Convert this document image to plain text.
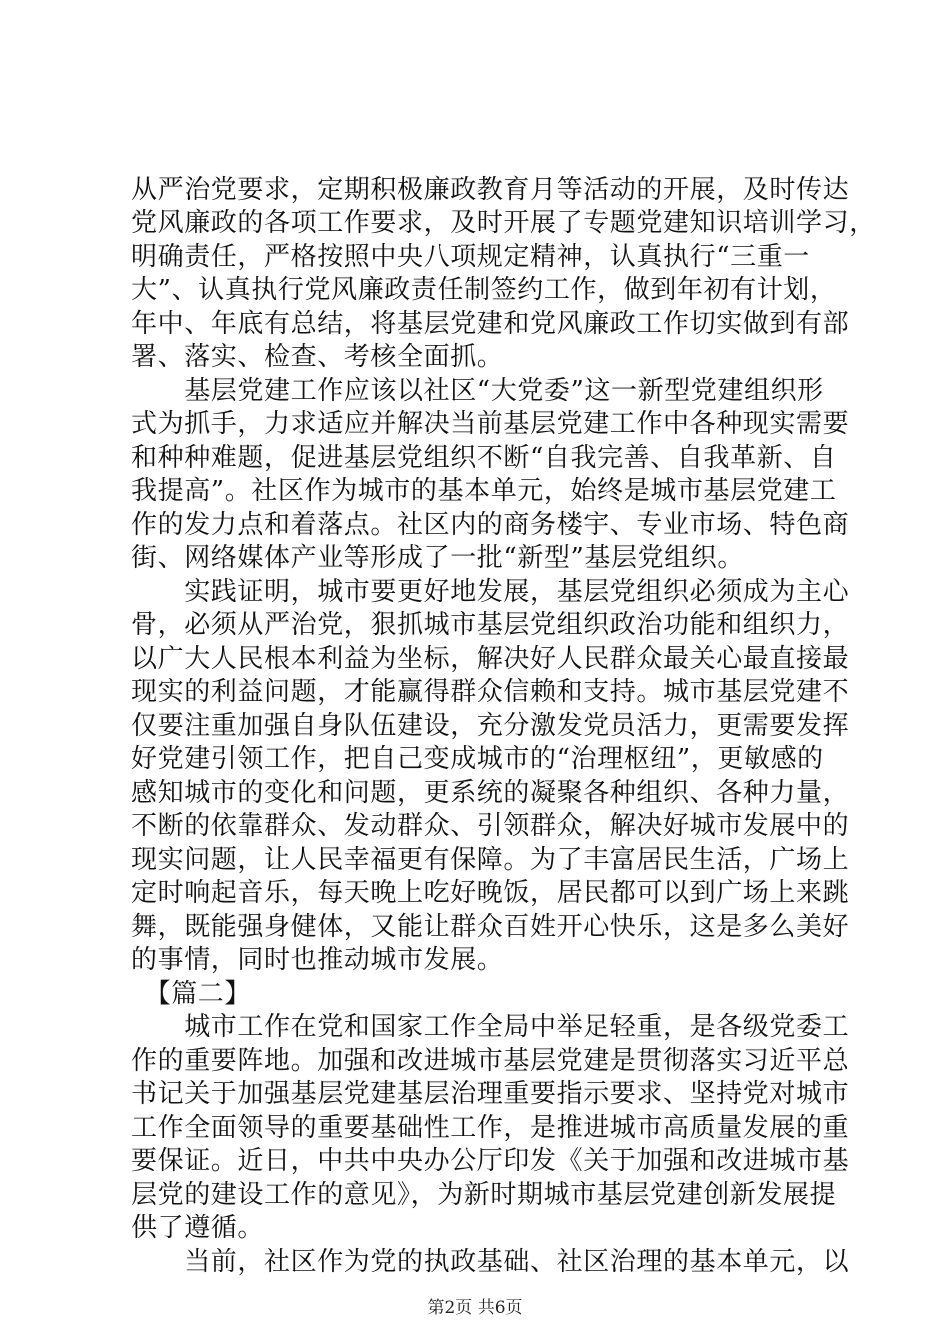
从严治党要求，定期积极廉政教育月等活动的开展，及时传达
党风廉政的各项工作要求，及时开展了专题党建知识培训学习，
明确责任，严格按照中央八项规定精神，认真执行“三重一
大”、认真执行党风廉政责任制签约工作，做到年初有计划，
年中、年底有总结，将基层党建和党风廉政工作切实做到有部
署、落实、检查、考核全面抓。
　　基层党建工作应该以社区“大党委”这一新型党建组织形
式为抓手，力求适应并解决当前基层党建工作中各种现实需要
和种种难题，促进基层党组织不断“自我完善、自我革新、自
我提高”。社区作为城市的基本单元，始终是城市基层党建工
作的发力点和着落点。社区内的商务楼宇、专业市场、特色商
街、网络媒体产业等形成了一批“新型”基层党组织。
　　实践证明，城市要更好地发展，基层党组织必须成为主心
骨，必须从严治党，狠抓城市基层党组织政治功能和组织力，
以广大人民根本利益为坐标，解决好人民群众最关心最直接最
现实的利益问题，才能赢得群众信赖和支持。城市基层党建不
仅要注重加强自身队伍建设，充分激发党员活力，更需要发挥
好党建引领工作，把自己变成城市的“治理枢纽”，更敏感的
感知城市的变化和问题，更系统的凝聚各种组织、各种力量，
不断的依靠群众、发动群众、引领群众，解决好城市发展中的
现实问题，让人民幸福更有保障。为了丰富居民生活，广场上
定时响起音乐，每天晚上吃好晚饭，居民都可以到广场上来跳
舞，既能强身健体，又能让群众百姓开心快乐，这是多么美好
的事情，同时也推动城市发展。
　【篇二】
　　城市工作在党和国家工作全局中举足轻重，是各级党委工
作的重要阵地。加强和改进城市基层党建是贯彻落实习近平总
书记关于加强基层党建基层治理重要指示要求、坚持党对城市
工作全面领导的重要基础性工作，是推进城市高质量发展的重
要保证。近日，中共中央办公厅印发《关于加强和改进城市基
层党的建设工作的意见》，为新时期城市基层党建创新发展提
供了遵循。
　　当前，社区作为党的执政基础、社区治理的基本单元，以
第2页 共6页
